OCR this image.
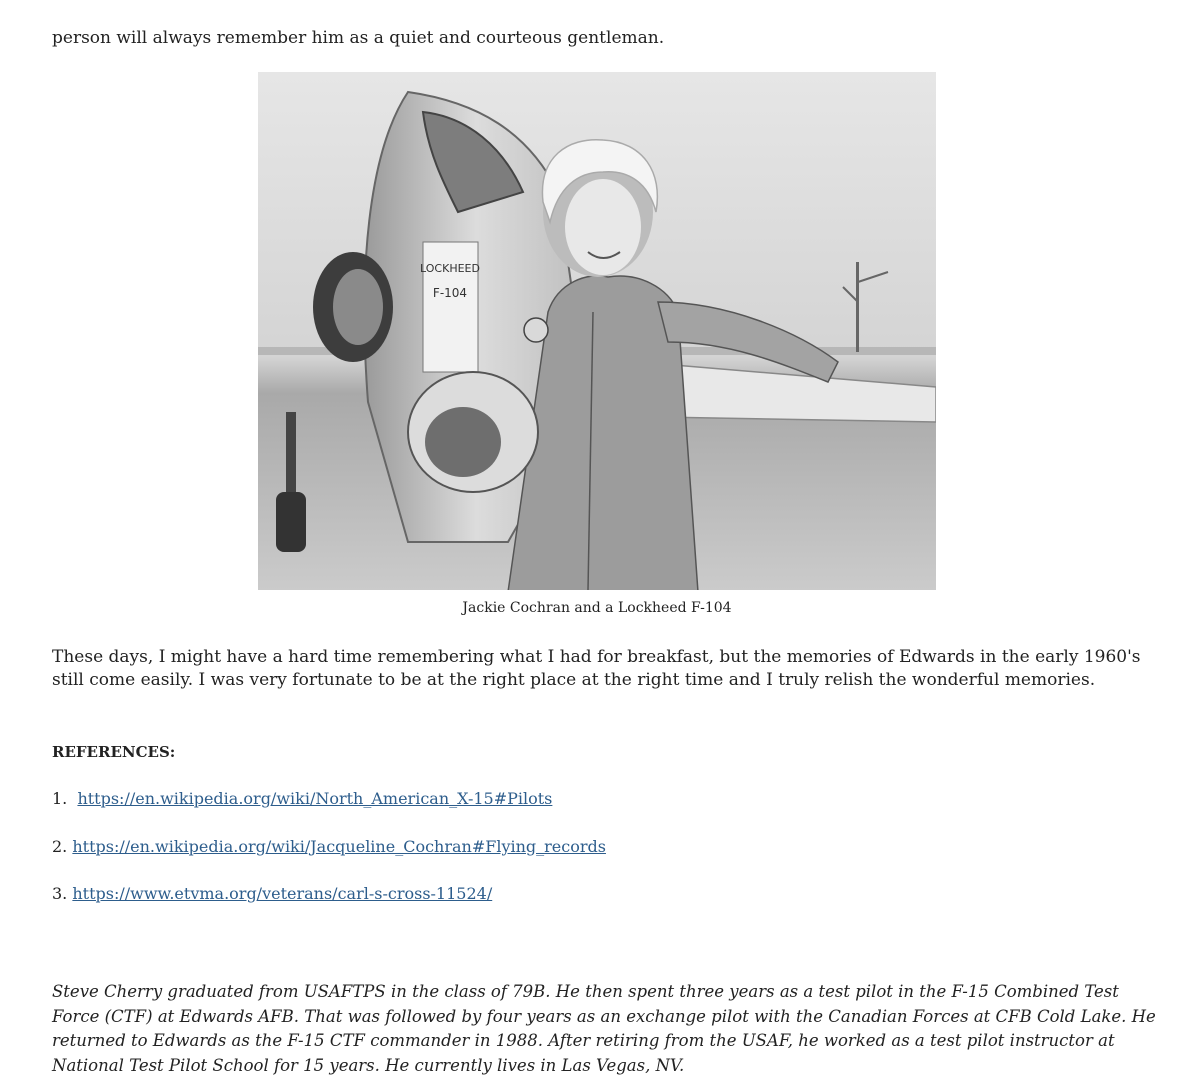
person will always remember him as a quiet and courteous gentleman.

LOCKHEED
F-104
Jackie Cochran and a Lockheed F-104

These days, I might have a hard time remembering what I had for breakfast, but the memories of Edwards in the early 1960's still come easily. I was very fortunate to be at the right place at the right time and I truly relish the wonderful memories.

REFERENCES:
1. https://en.wikipedia.org/wiki/North_American_X-15#Pilots
2. https://en.wikipedia.org/wiki/Jacqueline_Cochran#Flying_records
3. https://www.etvma.org/veterans/carl-s-cross-11524/

Steve Cherry graduated from USAFTPS in the class of 79B. He then spent three years as a test pilot in the F-15 Combined Test Force (CTF) at Edwards AFB. That was followed by four years as an exchange pilot with the Canadian Forces at CFB Cold Lake. He returned to Edwards as the F-15 CTF commander in 1988. After retiring from the USAF, he worked as a test pilot instructor at National Test Pilot School for 15 years. He currently lives in Las Vegas, NV.
